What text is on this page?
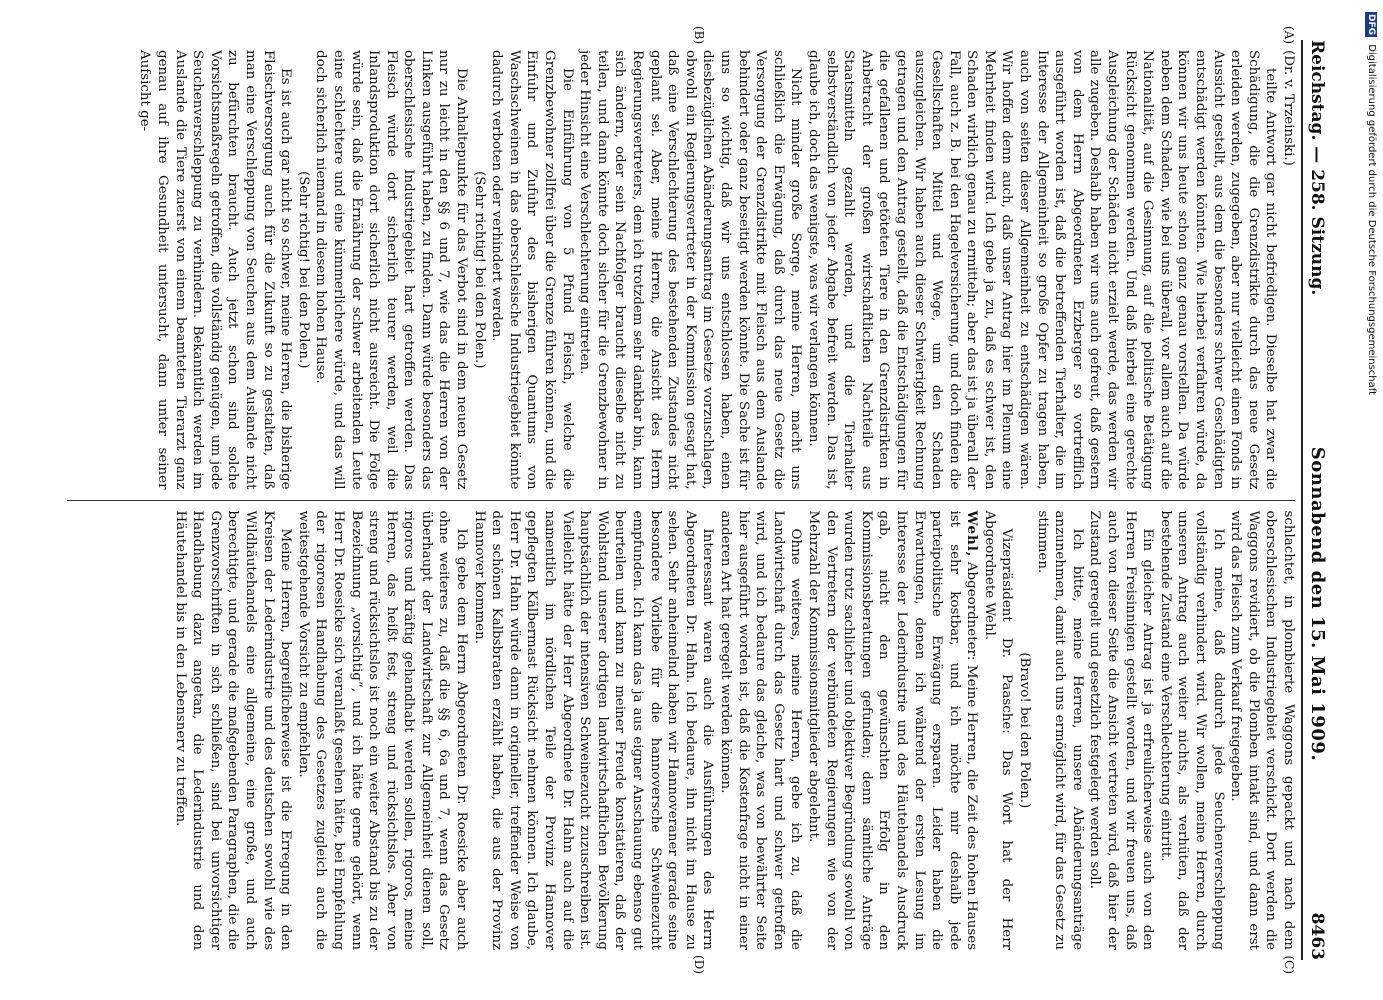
Reichstag. — 258. Sitzung.
Sonnabend den 15. Mai 1909.
8463

(Dr. v. Trzeinski.)

teilte Antwort gar nicht befriedigen. Dieselbe hat zwar die Schädigung, die die Grenzdistrikte durch das neue Gesetz erleiden werden, zugegeben, aber nur vielleicht einen Fonds in Aussicht gestellt, aus dem die besonders schwer Geschädigten entschädigt werden könnten. Wie hierbei verfahren würde, da können wir uns heute schon ganz genau vorstellen. Da würde neben dem Schaden, wie bei uns überall, vor allem auch auf die Nationalität, auf die Gesinnung, auf die politische Betätigung Rücksicht genommen werden. Und daß hierbei eine gerechte Ausgleichung der Schäden nicht erzielt werde, das werden wir alle zugeben. Deshalb haben wir uns auch gefreut, daß gestern von dem Herrn Abgeordneten Erzberger so vortrefflich ausgeführt worden ist, daß die betreffenden Tierhalter, die im Interesse der Allgemeinheit so große Opfer zu tragen haben, auch von seiten dieser Allgemeinheit zu entschädigen wären. Wir hoffen denn auch, daß unser Antrag hier im Plenum eine Mehrheit finden wird. Ich gebe ja zu, daß es schwer ist, den Schaden wirklich genau zu ermitteln; aber das ist ja überall der Fall, auch z. B. bei den Hagelversicherung, und doch finden die Gesellschaften Mittel und Wege, um den Schaden auszugleichen. Wir haben auch dieser Schwierigkeit Rechnung getragen und den Antrag gestellt, daß die Entschädigungen für die gefallenen und getöteten Tiere in den Grenzdistrikten in Anbetracht der großen wirtschaftlichen Nachteile aus Staatsmitteln gezahlt werden, und die Tierhalter selbstverständlich von jeder Abgabe befreit werden. Das ist, glaube ich, doch das wenigste, was wir verlangen können.

Nicht minder große Sorge, meine Herren, macht uns schließlich die Erwägung, daß durch das neue Gesetz die Versorgung der Grenzdistrikte mit Fleisch aus dem Auslande behindert oder ganz beseitigt werden könnte. Die Sache ist für uns so wichtig, daß wir uns entschlossen haben, einen diesbezüglichen Abänderungsantrag im Gesetze vorzuschlagen, obwohl ein Regierungsvertreter in der Kommission gesagt hat, daß eine Verschlechterung des bestehenden Zustandes nicht geplant sei. Aber, meine Herren, die Ansicht des Herrn Regierungsvertreters, dem ich trotzdem sehr dankbar bin, kann sich ändern, oder sein Nachfolger braucht dieselbe nicht zu teilen, und dann könnte doch sicher für die Grenzbewohner in jeder Hinsicht eine Verschlechterung eintreten.

Die Einführung von 5 Pfund Fleisch, welche die Grenzbewohner zollfrei über die Grenze führen können, und die Einfuhr und Zufuhr des bisherigen Quantums von Waschschweinen in das oberschlesische Industriegebiet könnte dadurch verboten oder verhindert werden.

(Sehr richtig! bei den Polen.)

Die Anhaltepunkte für das Verbot sind in dem neuen Gesetz nur zu leicht in den §§ 6 und 7, wie das die Herren von der Linken ausgeführt haben, zu finden. Dann würde besonders das oberschlesische Industriegebiet hart getroffen werden. Das Fleisch würde dort sicherlich teurer werden, weil die Inlandsproduktion dort sicherlich nicht ausreicht. Die Folge würde sein, daß die Ernährung der schwer arbeitenden Leute eine schlechtere und eine kümmerlichere würde, und das will doch sicherlich niemand in diesem hohen Hause.

(Sehr richtig! bei den Polen.)

Es ist auch gar nicht so schwer, meine Herren, die bisherige Fleischversorgung auch für die Zukunft so zu gestalten, daß man eine Verschleppung von Seuchen aus dem Auslande nicht zu befürchten braucht. Auch jetzt schon sind solche Vorsichtsmaßregeln getroffen, die vollständig genügen, um jede Seuchenverschleppung zu verhindern. Bekanntlich werden im Auslande die Tiere zuerst von einem beamteten Tierarzt ganz genau auf ihre Gesundheit untersucht, dann unter seiner Aufsicht ge-

schlachtet, in plombierte Waggons gepackt und nach dem oberschlesischen Industriegebiet verschickt. Dort werden die Waggons revidiert, ob die Plomben intakt sind, und dann erst wird das Fleisch zum Verkauf freigegeben.

Ich meine, daß dadurch jede Seuchenverschleppung vollständig verhindert wird. Wir wollen, meine Herren, durch unseren Antrag auch weiter nichts, als verhüten, daß der bestehende Zustand eine Verschlechterung eintritt.

Ein gleicher Antrag ist ja erfreulicherweise auch von den Herren Freisinnigen gestellt worden, und wir freuen uns, daß auch von dieser Seite die Ansicht vertreten wird, daß hier der Zustand geregelt und gesetzlich festgelegt werden soll.

Ich bitte, meine Herren, unsere Abänderungsanträge anzunehmen, damit auch uns ermöglicht wird, für das Gesetz zu stimmen.

(Bravo! bei den Polen.)

Vizepräsident Dr. Paasche: Das Wort hat der Herr Abgeordnete Wehl.

Wehl, Abgeordneter: Meine Herren, die Zeit des hohen Hauses ist sehr kostbar, und ich möchte mir deshalb jede parteipolitische Erwägung ersparen. Leider haben die Erwartungen, denen ich während der ersten Lesung im Interesse der Lederindustrie und des Häutehandels Ausdruck gab, nicht den gewünschten Erfolg in den Kommissionsberatungen gefunden; denn sämtliche Anträge wurden trotz sachlicher und objektiver Begründung sowohl von den Vertretern der verbündeten Regierungen wie von der Mehrzahl der Kommissionsmitglieder abgelehnt.

Ohne weiteres, meine Herren, gebe ich zu, daß die Landwirtschaft durch das Gesetz hart und schwer getroffen wird, und ich bedaure das gleiche, was von bewährter Seite hier ausgeführt worden ist, daß die Kostenfrage nicht in einer anderen Art hat geregelt werden können.

Interessant waren auch die Ausführungen des Herrn Abgeordneten Dr. Hahn. Ich bedaure, ihn nicht im Hause zu sehen. Sehr anheimelnd haben wir Hannoveraner gerade seine besondere Vorliebe für die hannoversche Schweinezucht empfunden. Ich kann das ja aus eigner Anschauung ebenso gut beurteilen und kann zu meiner Freude konstatieren, daß der Wohlstand unserer dortigen landwirtschaftlichen Bevölkerung hauptsächlich der intensiven Schweinezucht zuzuschreiben ist. Vielleicht hätte der Herr Abgeordnete Dr. Hahn auch auf die namentlich im nördlichen Teile der Provinz Hannover gepflegten Kälbermast Rücksicht nehmen können. Ich glaube, Herr Dr. Hahn würde dann in origineller, treffender Weise von den schönen Kalbsbraten erzählt haben, die aus der Provinz Hannover kommen.

Ich gebe dem Herrn Abgeordneten Dr. Roesicke aber auch ohne weiteres zu, daß die §§ 6, 6a und 7, wenn das Gesetz überhaupt der Landwirtschaft zur Allgemeinheit dienen soll, rigoros und kräftig gehandhabt werden sollen, rigoros, meine Herren, das heißt fest, streng und rücksichtslos. Aber von streng und rücksichtslos ist noch ein weiter Abstand bis zu der Bezeichnung „vorsichtig“, und ich hätte gerne gehört, wenn Herr Dr. Roesicke sich veranlaßt gesehen hätte, bei Empfehlung der rigorosen Handhabung des Gesetzes zugleich auch die weitestgehende Vorsicht zu empfehlen.

Meine Herren, begreiflicherweise ist die Erregung in den Kreisen der Lederindustrie und des deutschen sowohl wie des Wildhäutehandels eine allgemeine, eine große, und auch berechtigte, und gerade die maßgebenden Paragraphen, die die Grenzvorschriften in sich schließen, sind bei unvorsichtiger Handhabung dazu angetan, die Lederindustrie und den Häutehandel bis in den Lebensnerv zu treffen.

(A)
(B)
(C)
(D)
DFG Digitalisierung gefördert durch die Deutsche Forschungsgemeinschaft
